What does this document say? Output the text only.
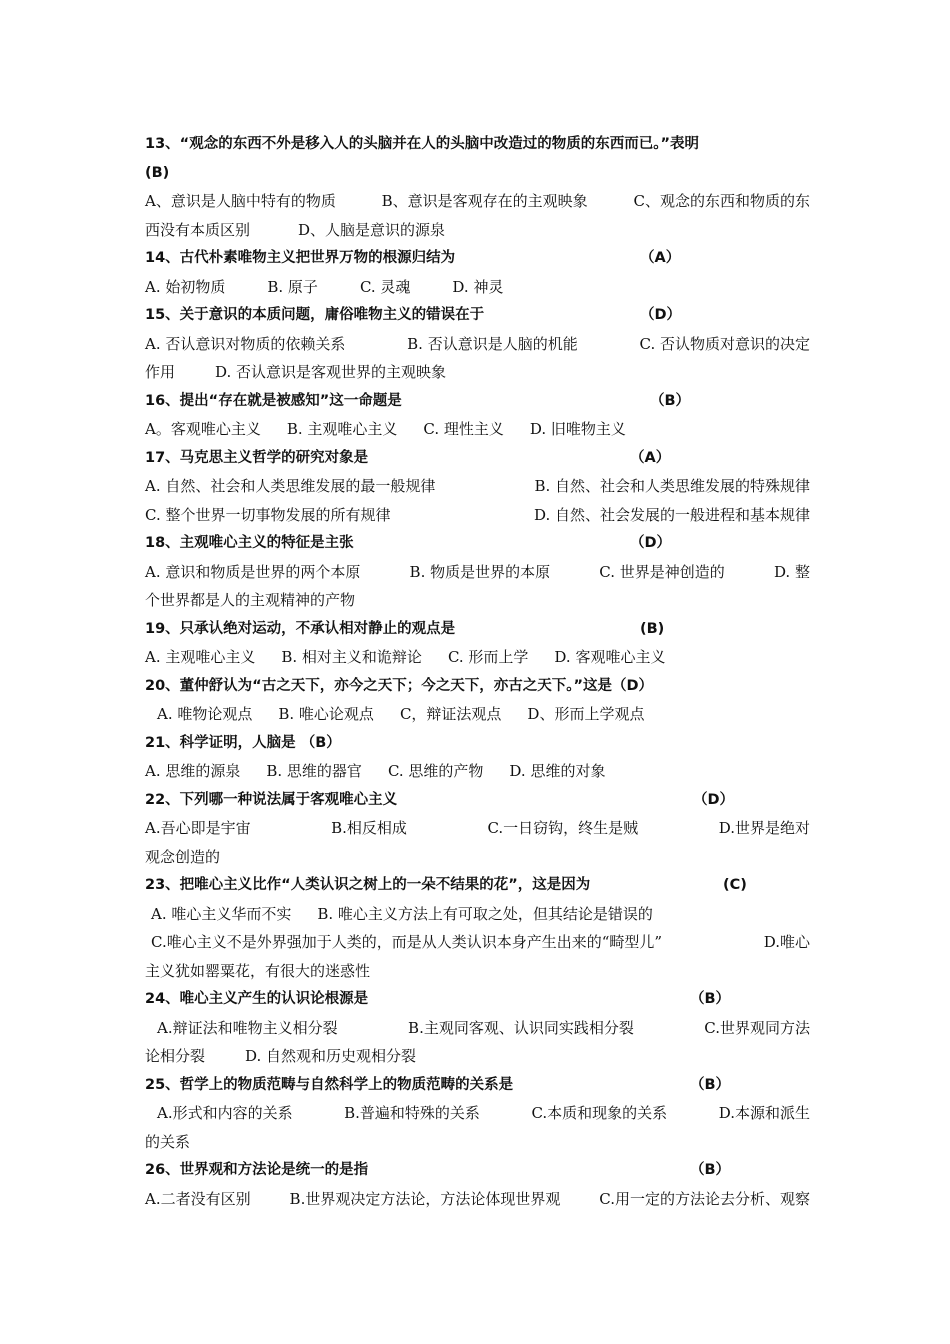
13、“观念的东西不外是移入人的头脑并在人的头脑中改造过的物质的东西而已。”表明
(B)
A、意识是人脑中特有的物质	B、意识是客观存在的主观映象	C、观念的东西和物质的东
西没有本质区别	D、人脑是意识的源泉
14、古代朴素唯物主义把世界万物的根源归结为	（A）
A. 始初物质	B. 原子	C. 灵魂	D. 神灵
15、关于意识的本质问题，庸俗唯物主义的错误在于	（D）
A. 否认意识对物质的依赖关系	B. 否认意识是人脑的机能	C. 否认物质对意识的决定
作用	D. 否认意识是客观世界的主观映象
16、提出“存在就是被感知”这一命题是	（B）
A。客观唯心主义 B. 主观唯心主义 C. 理性主义 D. 旧唯物主义
17、马克思主义哲学的研究对象是	（A）
A. 自然、社会和人类思维发展的最一般规律	B. 自然、社会和人类思维发展的特殊规律
C. 整个世界一切事物发展的所有规律	D. 自然、社会发展的一般进程和基本规律
18、主观唯心主义的特征是主张	（D）
A. 意识和物质是世界的两个本原	B. 物质是世界的本原	C. 世界是神创造的	D. 整
个世界都是人的主观精神的产物
19、只承认绝对运动，不承认相对静止的观点是	(B)
A. 主观唯心主义 B. 相对主义和诡辩论 C. 形而上学 D. 客观唯心主义
20、董仲舒认为“古之天下，亦今之天下；今之天下，亦古之天下。”这是（D）
A. 唯物论观点 B. 唯心论观点 C，辩证法观点 D、形而上学观点
21、科学证明，人脑是 （B）
A. 思维的源泉 B. 思维的器官 C. 思维的产物 D. 思维的对象
22、下列哪一种说法属于客观唯心主义	（D）
A.吾心即是宇宙	B.相反相成	C.一日窃钩，终生是贼	D.世界是绝对
观念创造的
23、把唯心主义比作“人类认识之树上的一朵不结果的花”，这是因为	(C)
A. 唯心主义华而不实 B. 唯心主义方法上有可取之处，但其结论是错误的
C.唯心主义不是外界强加于人类的，而是从人类认识本身产生出来的“畸型儿”	D.唯心
主义犹如罂粟花，有很大的迷惑性
24、唯心主义产生的认识论根源是	（B）
A.辩证法和唯物主义相分裂	B.主观同客观、认识同实践相分裂	C.世界观同方法
论相分裂	D. 自然观和历史观相分裂
25、哲学上的物质范畴与自然科学上的物质范畴的关系是	（B）
A.形式和内容的关系	B.普遍和特殊的关系	C.本质和现象的关系	D.本源和派生
的关系
26、世界观和方法论是统一的是指	（B）
A.二者没有区别	B.世界观决定方法论，方法论体现世界观	C.用一定的方法论去分析、观察
